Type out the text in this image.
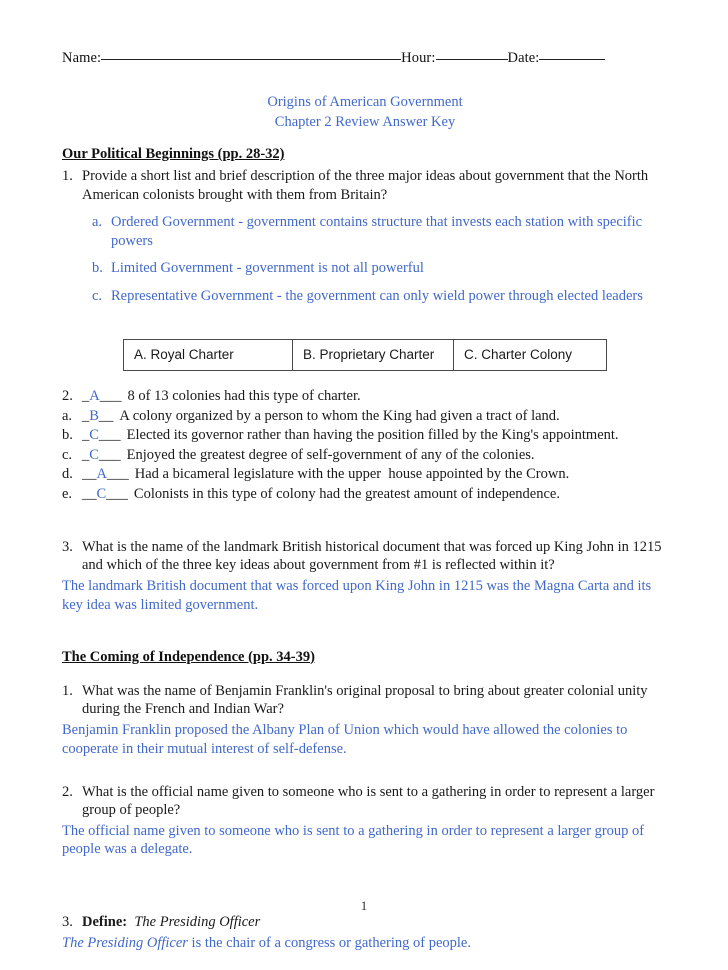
Name:	Hour:	Date:
Origins of American Government
Chapter 2 Review Answer Key
Our Political Beginnings (pp. 28-32)
1. Provide a short list and brief description of the three major ideas about government that the North American colonists brought with them from Britain?
a. Ordered Government - government contains structure that invests each station with specific powers
b. Limited Government - government is not all powerful
c. Representative Government - the government can only wield power through elected leaders
A. Royal Charter	B. Proprietary Charter	C. Charter Colony
2. _A___ 8 of 13 colonies had this type of charter.
a. _B__ A colony organized by a person to whom the King had given a tract of land.
b. _C___ Elected its governor rather than having the position filled by the King's appointment.
c. _C___ Enjoyed the greatest degree of self-government of any of the colonies.
d. __A___ Had a bicameral legislature with the upper  house appointed by the Crown.
e. __C___ Colonists in this type of colony had the greatest amount of independence.
3. What is the name of the landmark British historical document that was forced up King John in 1215 and which of the three key ideas about government from #1 is reflected within it?
The landmark British document that was forced upon King John in 1215 was the Magna Carta and its key idea was limited government.
The Coming of Independence (pp. 34-39)
1. What was the name of Benjamin Franklin's original proposal to bring about greater colonial unity during the French and Indian War?
Benjamin Franklin proposed the Albany Plan of Union which would have allowed the colonies to cooperate in their mutual interest of self-defense.
2. What is the official name given to someone who is sent to a gathering in order to represent a larger group of people?
The official name given to someone who is sent to a gathering in order to represent a larger group of people was a delegate.
3. Define: The Presiding Officer
The Presiding Officer is the chair of a congress or gathering of people.
1
